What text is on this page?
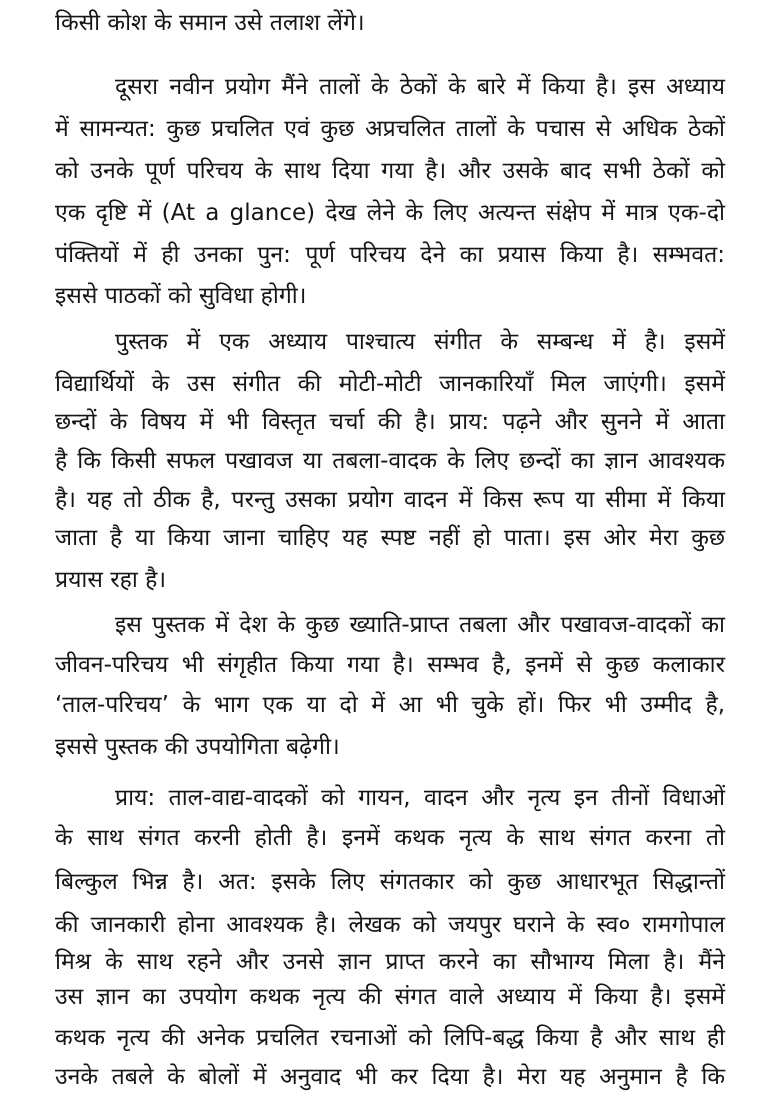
किसी कोश के समान उसे तलाश लेंगे।
दूसरा नवीन प्रयोग मैंने तालों के ठेकों के बारे में किया है। इस अध्याय
में सामन्यत: कुछ प्रचलित एवं कुछ अप्रचलित तालों के पचास से अधिक ठेकों
को उनके पूर्ण परिचय के साथ दिया गया है। और उसके बाद सभी ठेकों को
एक दृष्टि में (At a glance) देख लेने के लिए अत्यन्त संक्षेप में मात्र एक-दो
पंक्तियों में ही उनका पुन: पूर्ण परिचय देने का प्रयास किया है। सम्भवत:
इससे पाठकों को सुविधा होगी।
पुस्तक में एक अध्याय पाश्चात्य संगीत के सम्बन्ध में है। इसमें
विद्यार्थियों के उस संगीत की मोटी-मोटी जानकारियाँ मिल जाएंगी। इसमें
छन्दों के विषय में भी विस्तृत चर्चा की है। प्राय: पढ़ने और सुनने में आता
है कि किसी सफल पखावज या तबला-वादक के लिए छन्दों का ज्ञान आवश्यक
है। यह तो ठीक है, परन्तु उसका प्रयोग वादन में किस रूप या सीमा में किया
जाता है या किया जाना चाहिए यह स्पष्ट नहीं हो पाता। इस ओर मेरा कुछ
प्रयास रहा है।
इस पुस्तक में देश के कुछ ख्याति-प्राप्त तबला और पखावज-वादकों का
जीवन-परिचय भी संगृहीत किया गया है। सम्भव है, इनमें से कुछ कलाकार
‘ताल-परिचय’ के भाग एक या दो में आ भी चुके हों। फिर भी उम्मीद है,
इससे पुस्तक की उपयोगिता बढ़ेगी।
प्राय: ताल-वाद्य-वादकों को गायन, वादन और नृत्य इन तीनों विधाओं
के साथ संगत करनी होती है। इनमें कथक नृत्य के साथ संगत करना तो
बिल्कुल भिन्न है। अत: इसके लिए संगतकार को कुछ आधारभूत सिद्धान्तों
की जानकारी होना आवश्यक है। लेखक को जयपुर घराने के स्व० रामगोपाल
मिश्र के साथ रहने और उनसे ज्ञान प्राप्त करने का सौभाग्य मिला है। मैंने
उस ज्ञान का उपयोग कथक नृत्य की संगत वाले अध्याय में किया है। इसमें
कथक नृत्य की अनेक प्रचलित रचनाओं को लिपि-बद्ध किया है और साथ ही
उनके तबले के बोलों में अनुवाद भी कर दिया है। मेरा यह अनुमान है कि
